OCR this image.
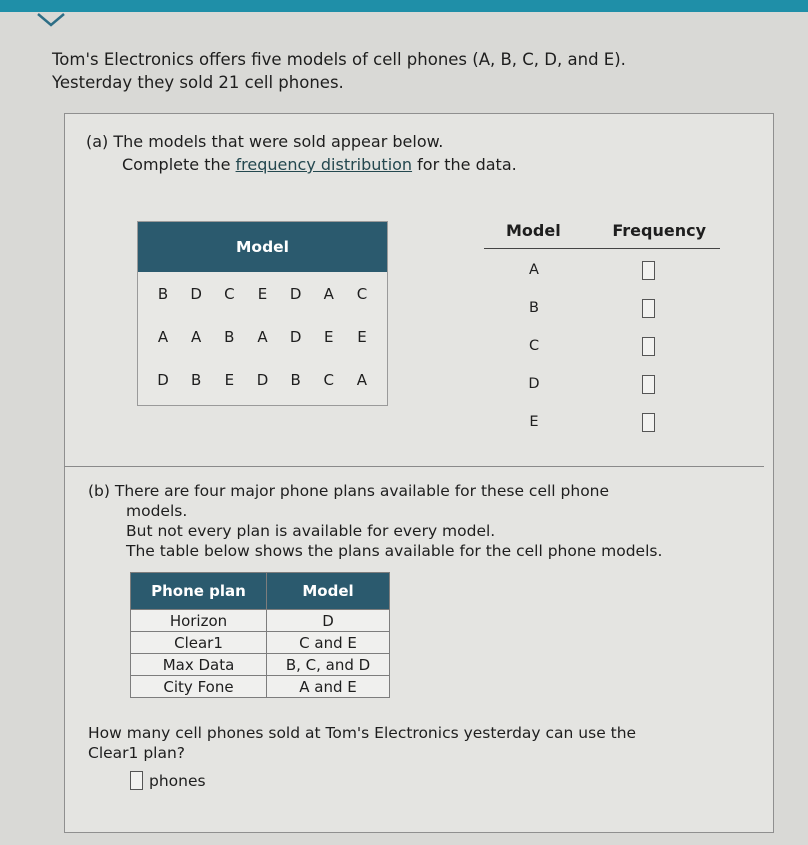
Tom's Electronics offers five models of cell phones (A, B, C, D, and E).
Yesterday they sold 21 cell phones.
(a) The models that were sold appear below.
Complete the frequency distribution for the data.
Model
B	D	C	E	D	A	C
A	A	B	A	D	E	E
D	B	E	D	B	C	A
Model	Frequency
A
B
C
D
E
(b) There are four major phone plans available for these cell phone
models.
But not every plan is available for every model.
The table below shows the plans available for the cell phone models.
Phone plan	Model
Horizon	D
Clear1	C and E
Max Data	B, C, and D
City Fone	A and E
How many cell phones sold at Tom's Electronics yesterday can use the
Clear1 plan?
phones
